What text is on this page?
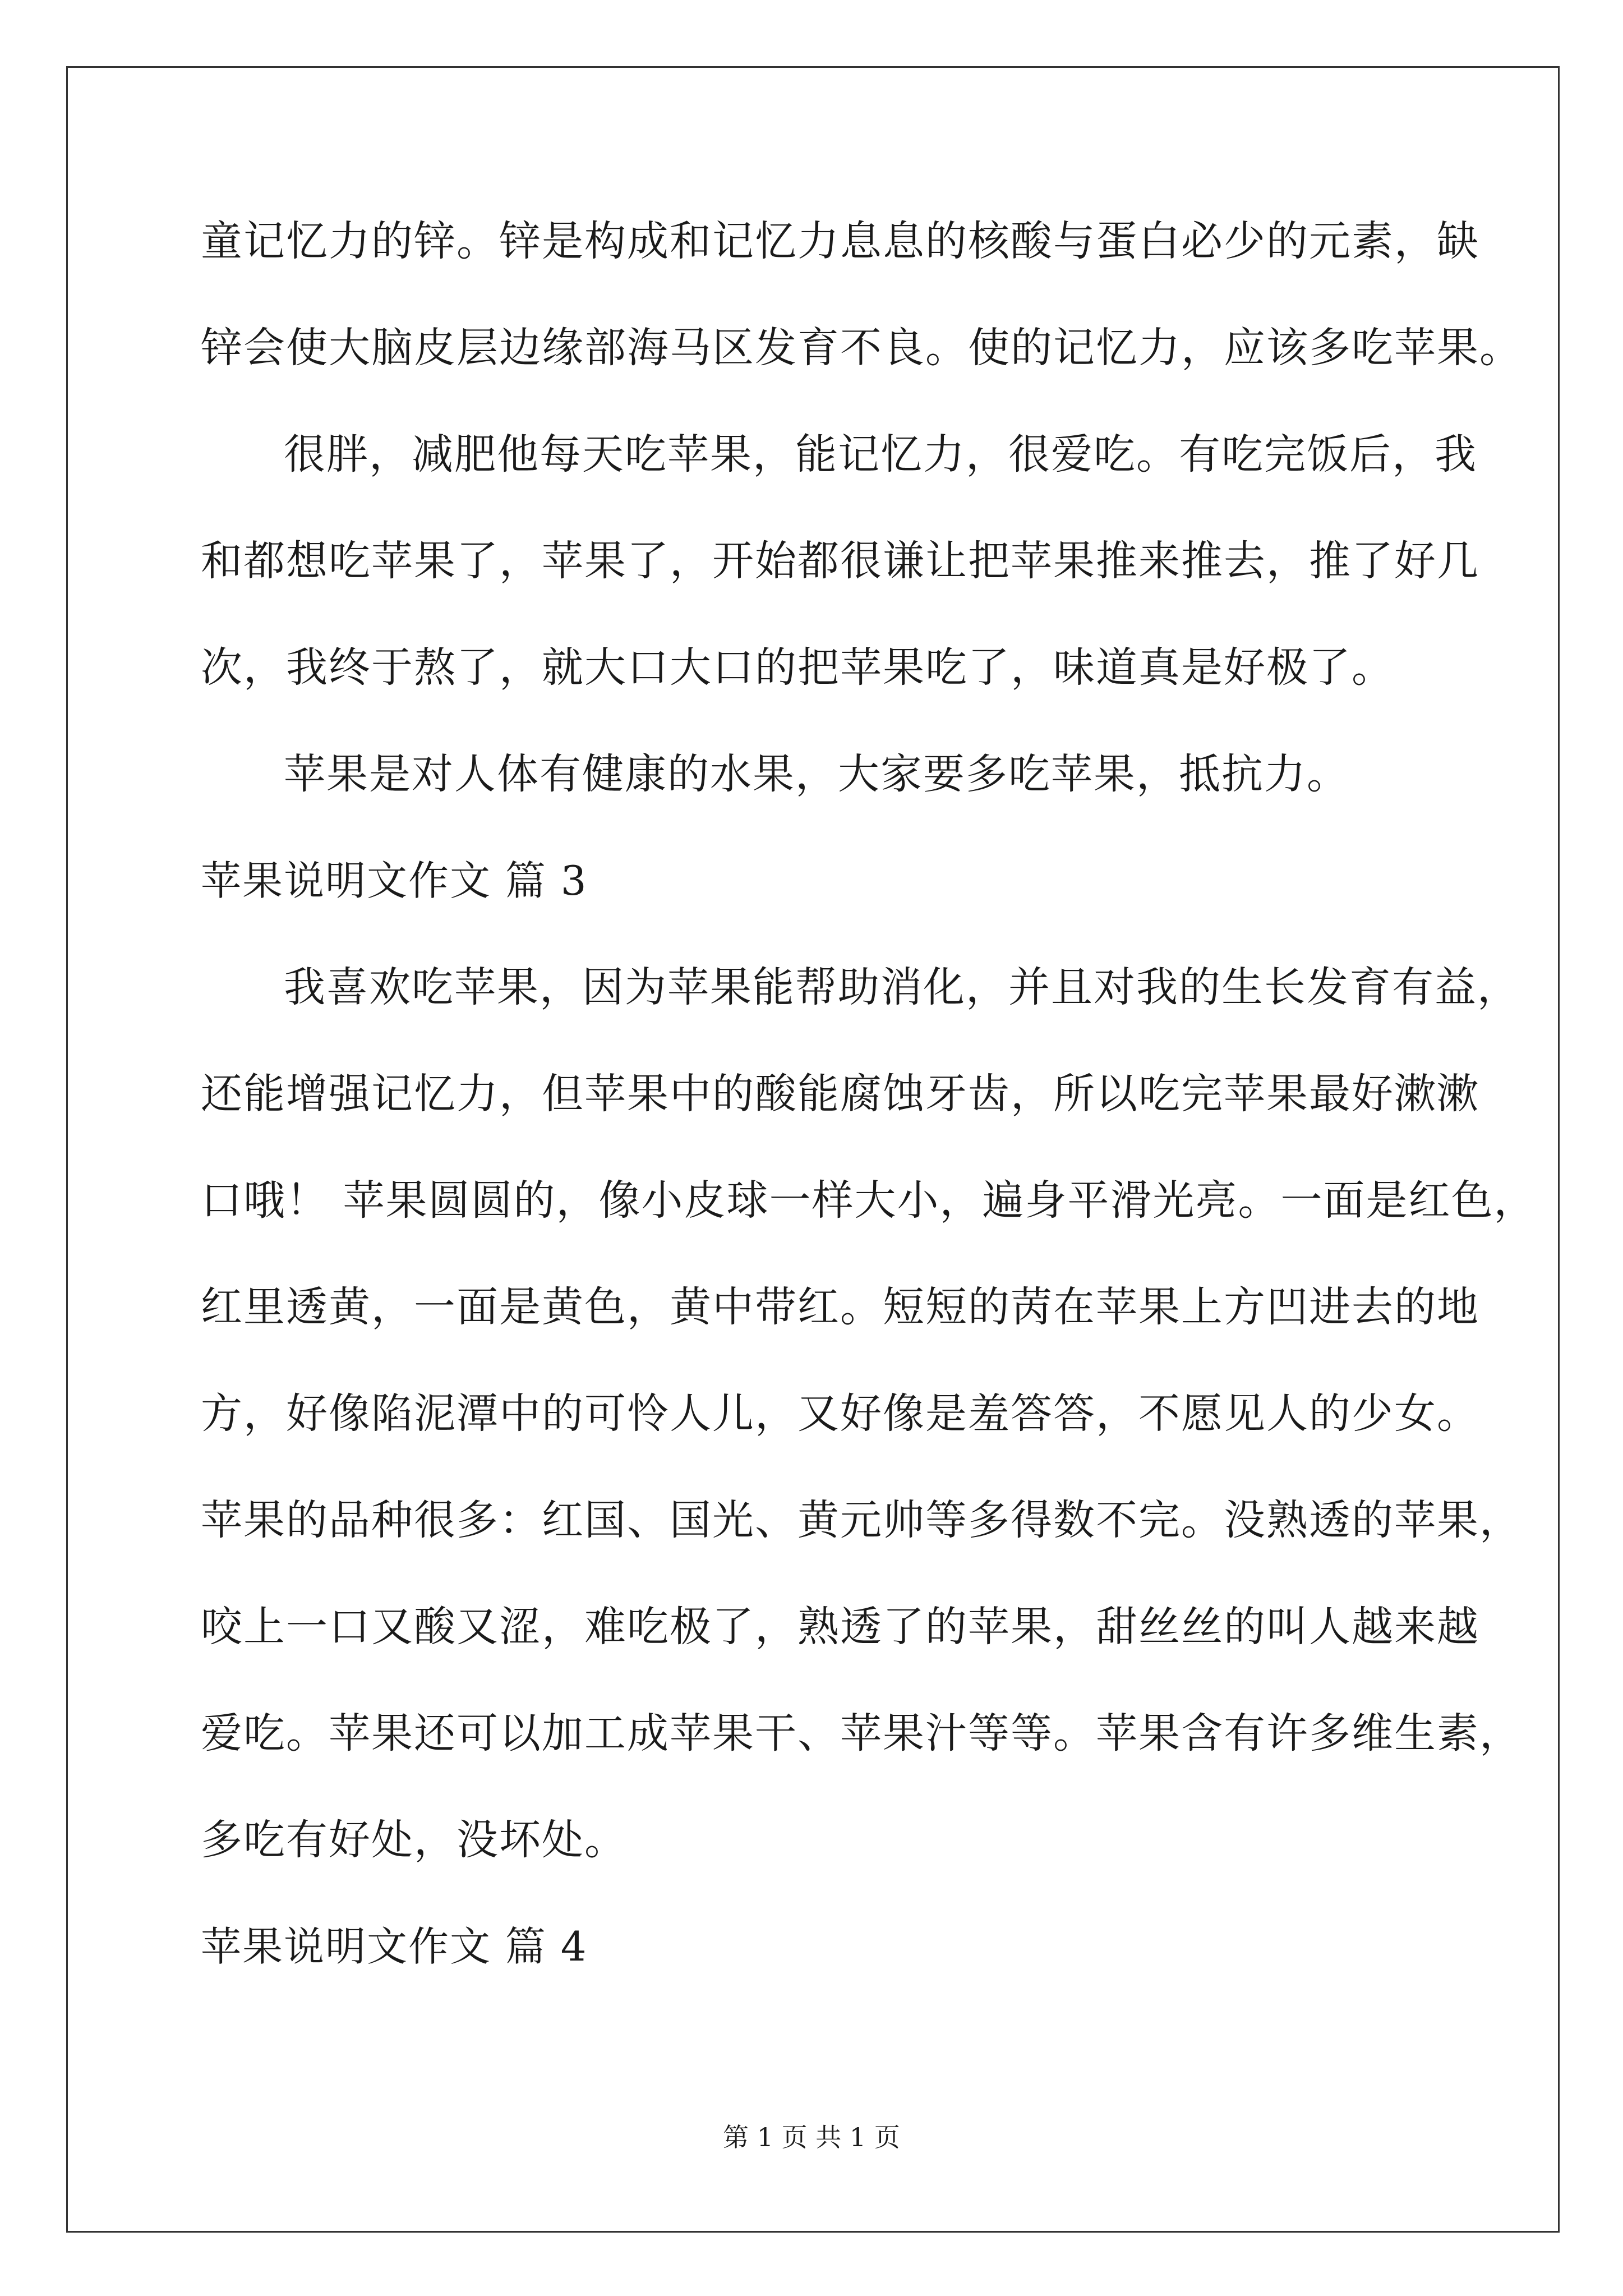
童记忆力的锌。锌是构成和记忆力息息的核酸与蛋白必少的元素，缺
锌会使大脑皮层边缘部海马区发育不良。使的记忆力，应该多吃苹果。
很胖，减肥他每天吃苹果，能记忆力，很爱吃。有吃完饭后，我
和都想吃苹果了，苹果了，开始都很谦让把苹果推来推去，推了好几
次，我终于熬了，就大口大口的把苹果吃了，味道真是好极了。
苹果是对人体有健康的水果，大家要多吃苹果，抵抗力。
苹果说明文作文 篇 3
我喜欢吃苹果，因为苹果能帮助消化，并且对我的生长发育有益，
还能增强记忆力，但苹果中的酸能腐蚀牙齿，所以吃完苹果最好漱漱
口哦！ 苹果圆圆的，像小皮球一样大小，遍身平滑光亮。一面是红色，
红里透黄，一面是黄色，黄中带红。短短的苪在苹果上方凹进去的地
方，好像陷泥潭中的可怜人儿，又好像是羞答答，不愿见人的少女。
苹果的品种很多：红国、国光、黄元帅等多得数不完。没熟透的苹果，
咬上一口又酸又涩，难吃极了，熟透了的苹果，甜丝丝的叫人越来越
爱吃。苹果还可以加工成苹果干、苹果汁等等。苹果含有许多维生素，
多吃有好处，没坏处。
苹果说明文作文 篇 4
第 1 页 共 1 页
